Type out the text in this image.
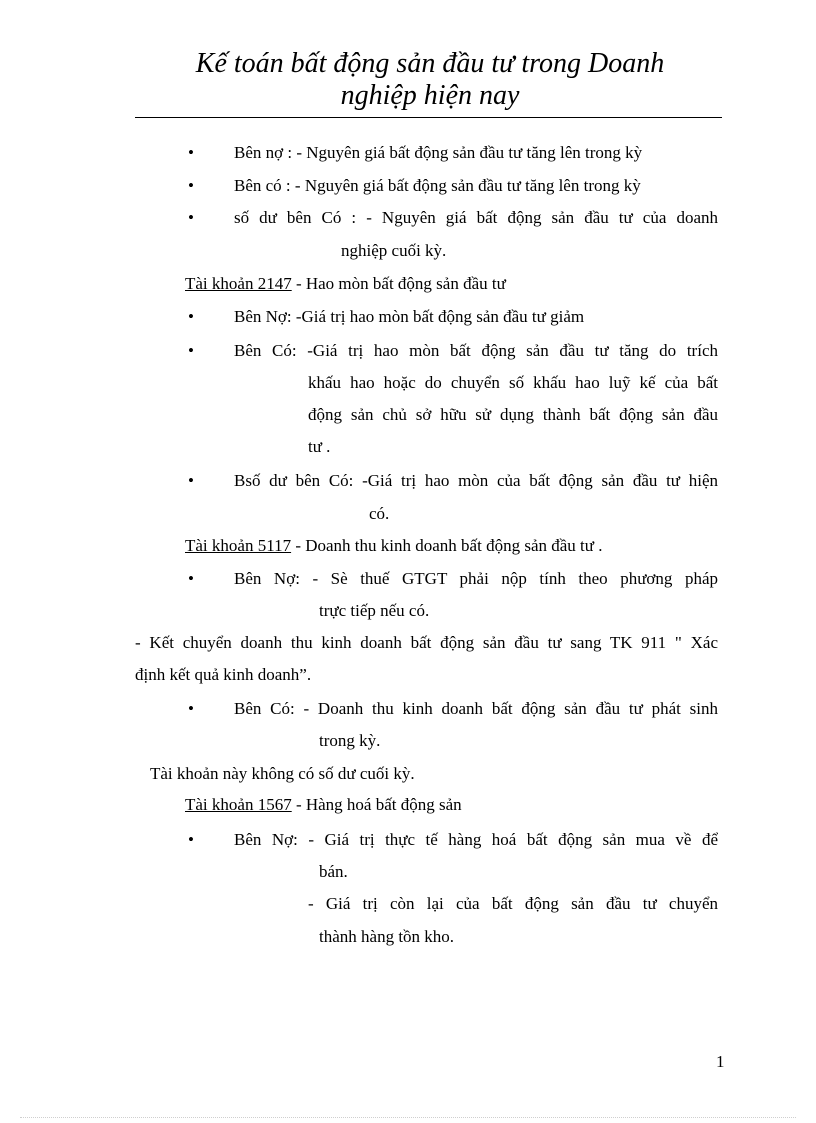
Kế toán bất động sản đầu tư trong Doanh
nghiệp hiện nay
• Bên nợ : - Nguyên giá bất động sản đầu tư tăng lên trong kỳ
• Bên có : - Nguyên giá bất động sản đầu tư tăng lên trong kỳ
• số dư bên Có : - Nguyên giá bất động sản đầu tư của doanh
nghiệp cuối kỳ.
Tài khoản 2147 - Hao mòn bất động sản đầu tư
• Bên Nợ: -Giá trị hao mòn bất động sản đầu tư giảm
• Bên Có: -Giá trị hao mòn bất động sản đầu tư tăng do trích
khấu hao hoặc do chuyển số khấu hao luỹ kế của bất
động sản chủ sở hữu sử dụng thành bất động sản đầu
tư .
• Bsố dư bên Có: -Giá trị hao mòn của bất động sản đầu tư hiện
có.
Tài khoản 5117 - Doanh thu kinh doanh bất động sản đầu tư .
• Bên Nợ: - Sè thuế GTGT phải nộp tính theo phương pháp
trực tiếp nếu có.
- Kết chuyển doanh thu kinh doanh bất động sản đầu tư sang TK 911 " Xác
định kết quả kinh doanh”.
• Bên Có: - Doanh thu kinh doanh bất động sản đầu tư phát sinh
trong kỳ.
Tài khoản này không có số dư cuối kỳ.
Tài khoản 1567 - Hàng hoá bất động sản
• Bên Nợ: - Giá trị thực tế hàng hoá bất động sản mua về để
bán.
- Giá trị còn lại của bất động sản đầu tư chuyển
thành hàng tồn kho.
1
